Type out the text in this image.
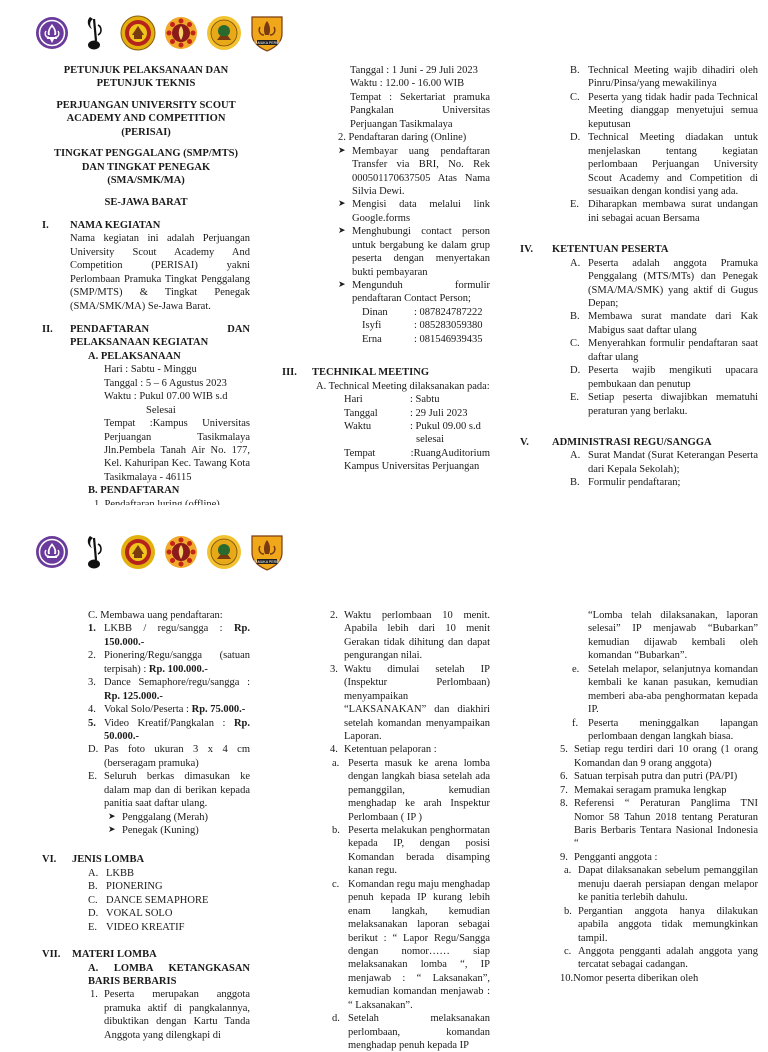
PRAMUKA PERUSA
PETUNJUK PELAKSANAAN DAN PETUNJUK TEKNIS
PERJUANGAN UNIVERSITY SCOUT ACADEMY AND COMPETITION (PERISAI)
TINGKAT PENGGALANG (SMP/MTS) DAN TINGKAT PENEGAK (SMA/SMK/MA)
SE-JAWA BARAT
I.	NAMA KEGIATAN
Nama kegiatan ini adalah Perjuangan University Scout Academy And Competition (PERISAI) yakni Perlombaan Pramuka Tingkat Penggalang (SMP/MTS) & Tingkat Penegak (SMA/SMK/MA) Se-Jawa Barat.
II.	PENDAFTARAN DAN PELAKSANAAN KEGIATAN
A. PELAKSANAAN
Hari : Sabtu - Minggu
Tanggal : 5 – 6 Agustus 2023
Waktu : Pukul 07.00 WIB s.d
Selesai
Tempat :Kampus Universitas Perjuangan Tasikmalaya Jln.Pembela Tanah Air No. 177, Kel. Kahuripan Kec. Tawang Kota Tasikmalaya - 46115
B. PENDAFTARAN
Tanggal : 1 Juni - 29 Juli 2023
Waktu : 12.00 - 16.00 WIB
Tempat : Sekertariat pramuka Pangkalan Universitas Perjuangan Tasikmalaya
2. Pendaftaran daring (Online)
➤ Membayar uang pendaftaran Transfer via BRI, No. Rek 000501170637505 Atas Nama Silvia Dewi.
➤ Mengisi data melalui link Google.forms
➤ Menghubungi contact person untuk bergabung ke dalam grup peserta dengan menyertakan bukti pembayaran
➤ Mengunduh formulir pendaftaran Contact Person;
Dinan	: 087824787222
Isyfi	: 085283059380
Erna	: 081546939435
III.	TECHNIKAL MEETING
A. Technical Meeting dilaksanakan pada:
Hari	: Sabtu
Tanggal	: 29 Juli 2023
Waktu	: Pukul 09.00 s.d
selesai
Tempat :RuangAuditorium Kampus Universitas Perjuangan
B. Technical Meeting wajib dihadiri oleh Pinru/Pinsa/yang mewakilinya
C. Peserta yang tidak hadir pada Technical Meeting dianggap menyetujui semua keputusan
D. Technical Meeting diadakan untuk menjelaskan tentang kegiatan perlombaan Perjuangan University Scout Academy and Competition di sesuaikan dengan kondisi yang ada.
E. Diharapkan membawa surat undangan ini sebagai acuan Bersama
IV.	KETENTUAN PESERTA
A. Peserta adalah anggota Pramuka Penggalang (MTS/MTs) dan Penegak (SMA/MA/SMK) yang aktif di Gugus Depan;
B. Membawa surat mandate dari Kak Mabigus saat daftar ulang
C. Menyerahkan formulir pendaftaran saat daftar ulang
D. Peserta wajib mengikuti upacara pembukaan dan penutup
E. Setiap peserta diwajibkan mematuhi peraturan yang berlaku.
V.	ADMINISTRASI REGU/SANGGA
A. Surat Mandat (Surat Keterangan Peserta dari Kepala Sekolah);
B. Formulir pendaftaran;
PRAMUKA PERUSA
C. Membawa uang pendaftaran:
1. LKBB / regu/sangga : Rp. 150.000.-
2. Pionering/Regu/sangga (satuan terpisah) : Rp. 100.000.-
3. Dance Semaphore/regu/sangga : Rp. 125.000.-
4. Vokal Solo/Peserta : Rp. 75.000.-
5. Video Kreatif/Pangkalan : Rp. 50.000.-
D. Pas foto ukuran 3 x 4 cm (berseragam pramuka)
E. Seluruh berkas dimasukan ke dalam map dan di berikan kepada panitia saat daftar ulang.
➤ Penggalang (Merah)
➤ Penegak (Kuning)
VI.	JENIS LOMBA
A. LKBB
B. PIONERING
C. DANCE SEMAPHORE
D. VOKAL SOLO
E. VIDEO KREATIF
VII.	MATERI LOMBA
A. LOMBA KETANGKASAN BARIS BERBARIS
1. Peserta merupakan anggota pramuka aktif di pangkalannya, dibuktikan dengan Kartu Tanda Anggota yang dilengkapi di
2. Waktu perlombaan 10 menit. Apabila lebih dari 10 menit Gerakan tidak dihitung dan dapat pengurangan nilai.
3. Waktu dimulai setelah IP (Inspektur Perlombaan) menyampaikan “LAKSANAKAN” dan diakhiri setelah komandan menyampaikan Laporan.
4. Ketentuan pelaporan :
a. Peserta masuk ke arena lomba dengan langkah biasa setelah ada pemanggilan, kemudian menghadap ke arah Inspektur Perlombaan ( IP )
b. Peserta melakukan penghormatan kepada IP, dengan posisi Komandan berada disamping kanan regu.
c. Komandan regu maju menghadap penuh kepada IP kurang lebih enam langkah, kemudian melaksanakan laporan sebagai berikut : “ Lapor Regu/Sangga dengan nomor…… siap melaksanakan lomba “, IP menjawab : “ Laksanakan”, kemudian komandan menjawab : “ Laksanakan”.
d. Setelah melaksanakan perlombaan, komandan menghadap penuh kepada IP
“Lomba telah dilaksanakan, laporan selesai” IP menjawab “Bubarkan” kemudian dijawab kembali oleh komandan “Bubarkan”.
e. Setelah melapor, selanjutnya komandan kembali ke kanan pasukan, kemudian memberi aba-aba penghormatan kepada IP.
f. Peserta meninggalkan lapangan perlombaan dengan langkah biasa.
5. Setiap regu terdiri dari 10 orang (1 orang Komandan dan 9 orang anggota)
6. Satuan terpisah putra dan putri (PA/PI)
7. Memakai seragam pramuka lengkap
8. Referensi “ Peraturan Panglima TNI Nomor 58 Tahun 2018 tentang Peraturan Baris Berbaris Tentara Nasional Indonesia “
9. Pengganti anggota :
a. Dapat dilaksanakan sebelum pemanggilan menuju daerah persiapan dengan melapor ke panitia terlebih dahulu.
b. Pergantian anggota hanya dilakukan apabila anggota tidak memungkinkan tampil.
c. Anggota pengganti adalah anggota yang tercatat sebagai cadangan.
10.Nomor peserta diberikan oleh
